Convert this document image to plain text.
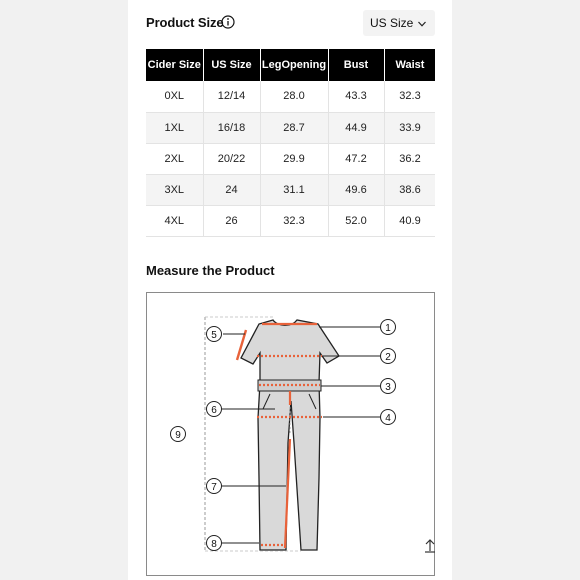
Product Size	US Size
Cider Size	US Size	LegOpening	Bust	Waist
0XL	12/14	28.0	43.3	32.3
1XL	16/18	28.7	44.9	33.9
2XL	20/22	29.9	47.2	36.2
3XL	24	31.1	49.6	38.6
4XL	26	32.3	52.0	40.9
Measure the Product
1
2
3
4
5
6
7
8
9
